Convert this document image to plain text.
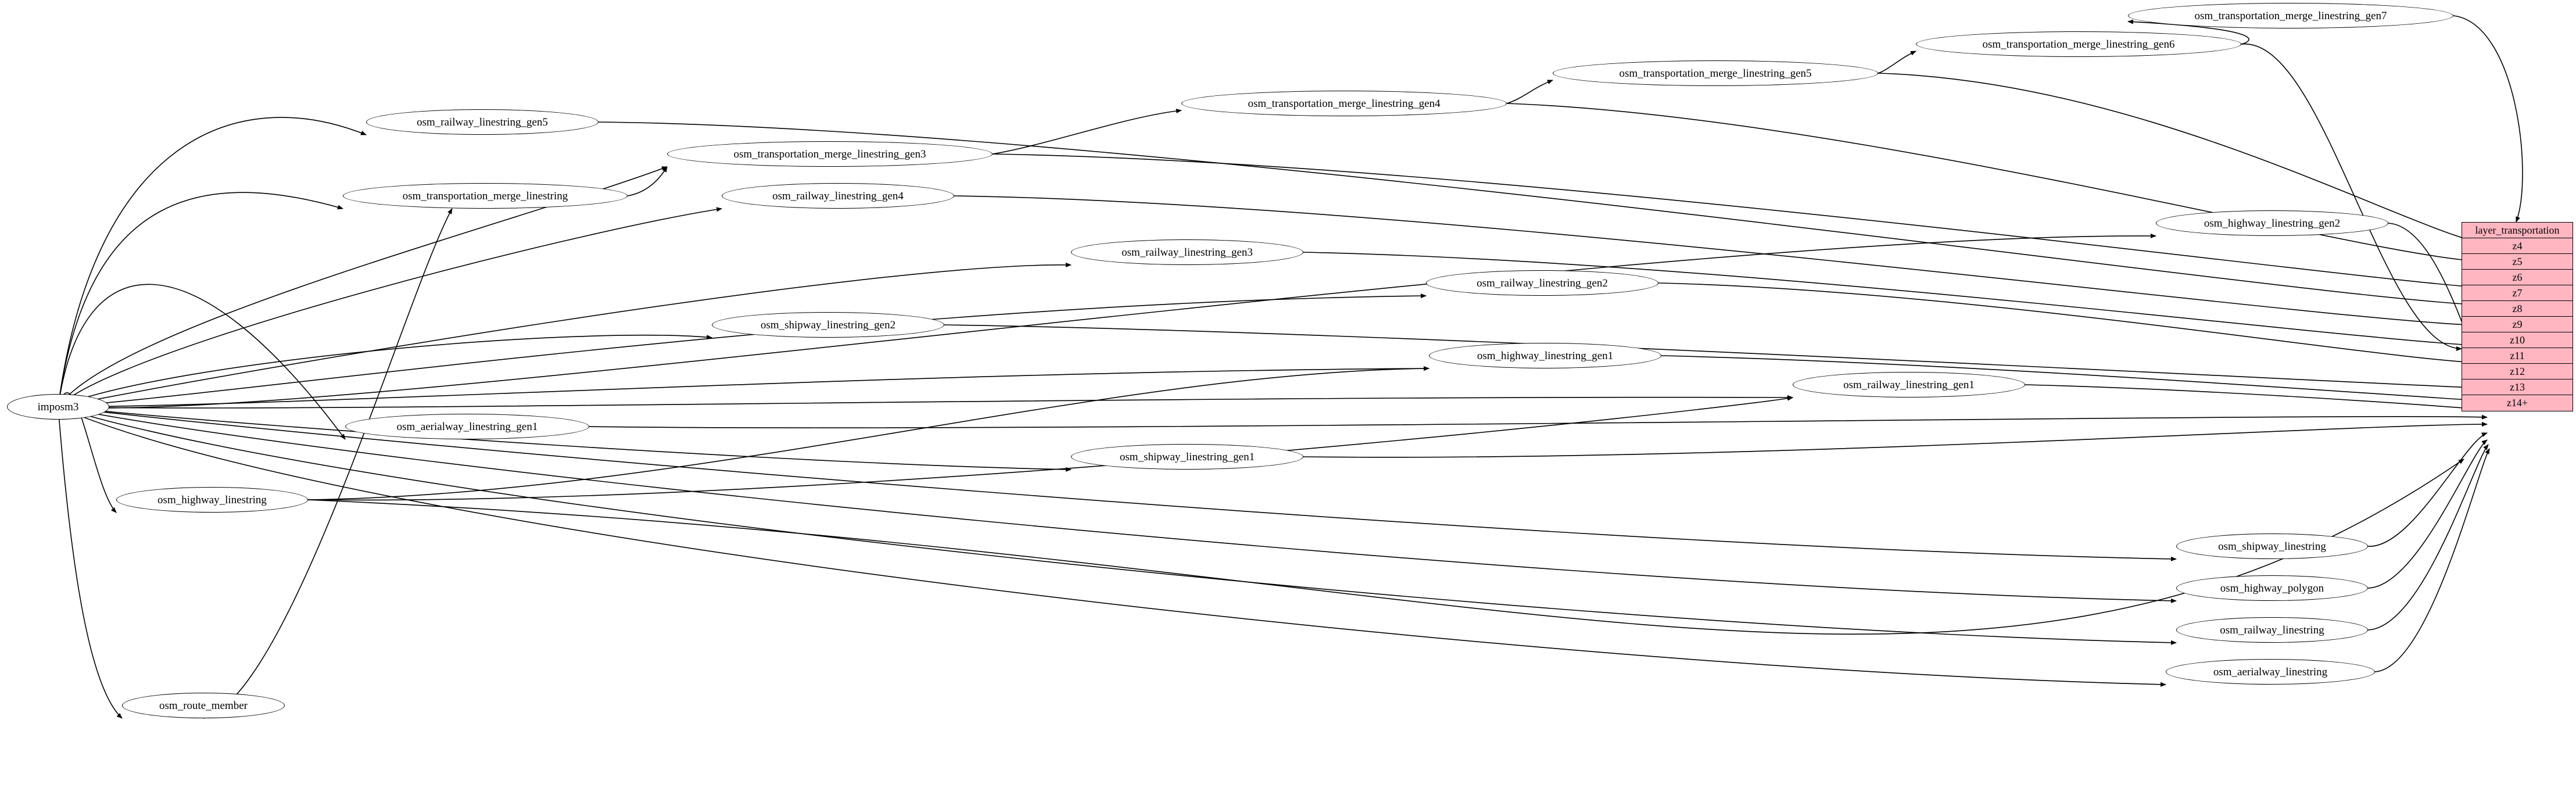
imposm3
osm_transportation_merge_linestring_gen7
osm_transportation_merge_linestring_gen6
osm_transportation_merge_linestring_gen5
osm_transportation_merge_linestring_gen4
osm_railway_linestring_gen5
osm_transportation_merge_linestring_gen3
osm_transportation_merge_linestring	osm_railway_linestring_gen4
osm_highway_linestring_gen2
osm_railway_linestring_gen3
osm_railway_linestring_gen2
osm_shipway_linestring_gen2
osm_highway_linestring_gen1
osm_railway_linestring_gen1
osm_aerialway_linestring_gen1
osm_shipway_linestring_gen1
osm_highway_linestring
osm_shipway_linestring
osm_highway_polygon
osm_railway_linestring
osm_aerialway_linestring
osm_route_member
layer_transportation
z4
z5
z6
z7
z8
z9
z10
z11
z12
z13
z14+
